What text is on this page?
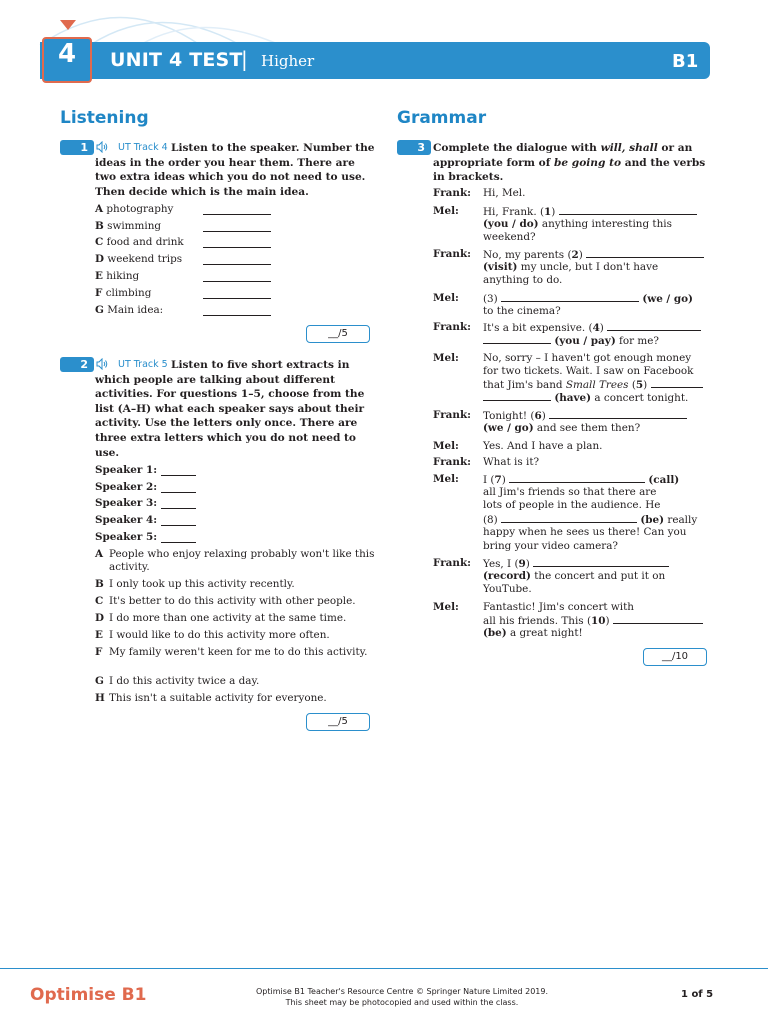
4	UNIT 4 TEST
| Higher	B1
Listening
1	UT Track 4 Listen to the speaker. Number the ideas in the order you hear them. There are two extra ideas which you do not need to use. Then decide which is the main idea.
A photography
B swimming
C food and drink
D weekend trips
E hiking
F climbing
G Main idea:
__/5
2	UT Track 5 Listen to five short extracts in which people are talking about different activities. For questions 1–5, choose from the list (A–H) what each speaker says about their activity. Use the letters only once. There are three extra letters which you do not need to use.
Speaker 1:
Speaker 2:
Speaker 3:
Speaker 4:
Speaker 5:
A People who enjoy relaxing probably won't like this activity.
B I only took up this activity recently.
C It's better to do this activity with other people.
D I do more than one activity at the same time.
E I would like to do this activity more often.
F My family weren't keen for me to do this activity.
G I do this activity twice a day.
H This isn't a suitable activity for everyone.
__/5
Grammar
3 Complete the dialogue with will, shall or an appropriate form of be going to and the verbs in brackets.
Frank: Hi, Mel.
Mel: Hi, Frank. (1)
(you / do) anything interesting this
weekend?
Frank: No, my parents (2)
(visit) my uncle, but I don't have
anything to do.
Mel: (3)	(we / go)
to the cinema?
Frank: It's a bit expensive. (4)
(you / pay) for me?
Mel: No, sorry – I haven't got enough money
for two tickets. Wait. I saw on Facebook
that Jim's band Small Trees (5)
(have) a concert tonight.
Frank: Tonight! (6)
(we / go) and see them then?
Mel: Yes. And I have a plan.
Frank: What is it?
Mel: I (7)	(call)
all Jim's friends so that there are
lots of people in the audience. He
(8)	(be) really
happy when he sees us there! Can you
bring your video camera?
Frank: Yes, I (9)
(record) the concert and put it on
YouTube.
Mel: Fantastic! Jim's concert with
all his friends. This (10)
(be) a great night!
__/10
Optimise B1	Optimise B1 Teacher's Resource Centre © Springer Nature Limited 2019.
This sheet may be photocopied and used within the class.
1 of 5
